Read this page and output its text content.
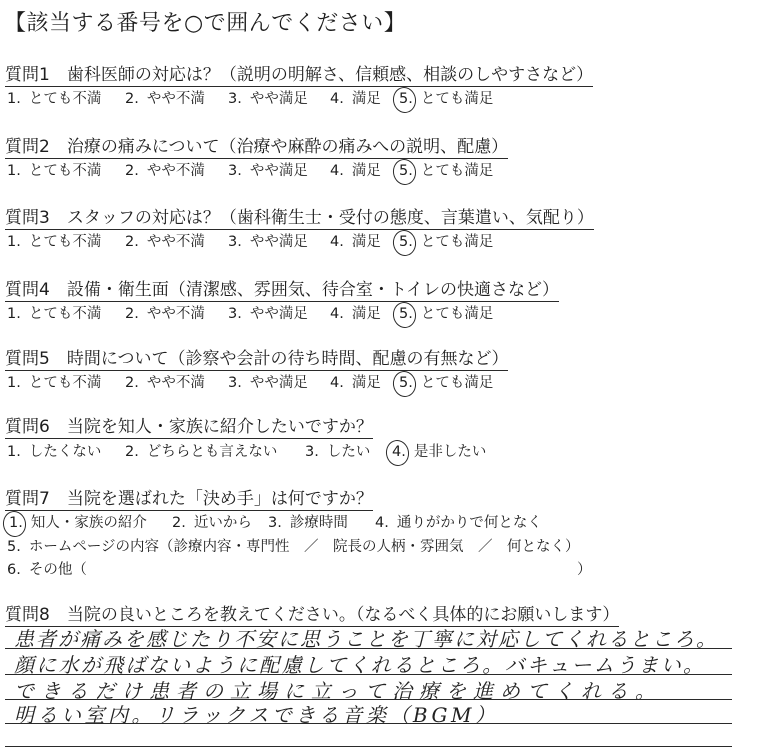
【該当する番号を○で囲んでください】
質問1　歯科医師の対応は？（説明の明解さ、信頼感、相談のしやすさなど）
1. とても不満 2. やや不満 3. やや満足 4. 満足 5. とても満足
質問2　治療の痛みについて（治療や麻酔の痛みへの説明、配慮）
1. とても不満 2. やや不満 3. やや満足 4. 満足 5. とても満足
質問3　スタッフの対応は？（歯科衛生士・受付の態度、言葉遣い、気配り）
1. とても不満 2. やや不満 3. やや満足 4. 満足 5. とても満足
質問4　設備・衛生面（清潔感、雰囲気、待合室・トイレの快適さなど）
1. とても不満 2. やや不満 3. やや満足 4. 満足 5. とても満足
質問5　時間について（診察や会計の待ち時間、配慮の有無など）
1. とても不満 2. やや不満 3. やや満足 4. 満足 5. とても満足
質問6　当院を知人・家族に紹介したいですか？
1. したくない 2. どちらとも言えない 3. したい 4. 是非したい
質問7　当院を選ばれた「決め手」は何ですか？
1. 知人・家族の紹介 2. 近いから 3. 診療時間 4. 通りがかりで何となく
5. ホームページの内容（診療内容・専門性　／　院長の人柄・雰囲気　／　何となく）
6. その他（	）
質問8　当院の良いところを教えてください。（なるべく具体的にお願いします）
患者が痛みを感じたり不安に思うことを丁寧に対応してくれるところ。
顔に水が飛ばないように配慮してくれるところ。バキュームうまい。
できるだけ患者の立場に立って治療を進めてくれる。
明るい室内。リラックスできる音楽（BGM）
